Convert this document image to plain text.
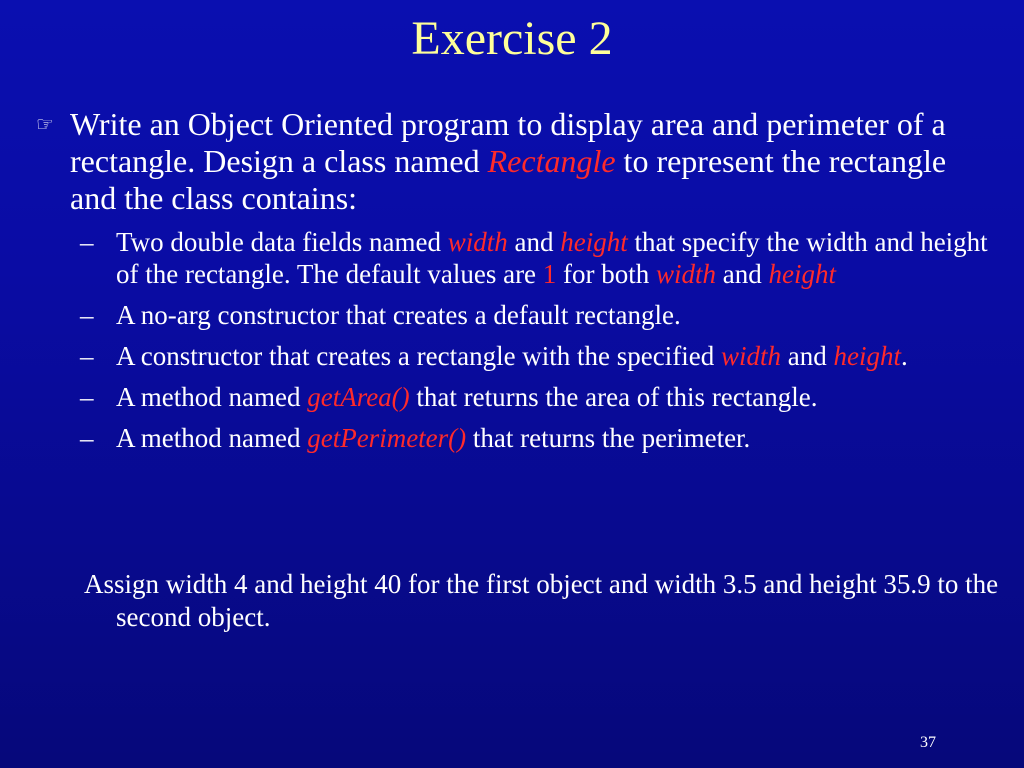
Exercise 2
☞ Write an Object Oriented program to display area and perimeter of a rectangle. Design a class named Rectangle to represent the rectangle and the class contains:
– Two double data fields named width and height that specify the width and height of the rectangle. The default values are 1 for both width and height
– A no-arg constructor that creates a default rectangle.
– A constructor that creates a rectangle with the specified width and height.
– A method named getArea() that returns the area of this rectangle.
– A method named getPerimeter() that returns the perimeter.
Assign width 4 and height 40 for the first object and width 3.5 and height 35.9 to the second object.
37
